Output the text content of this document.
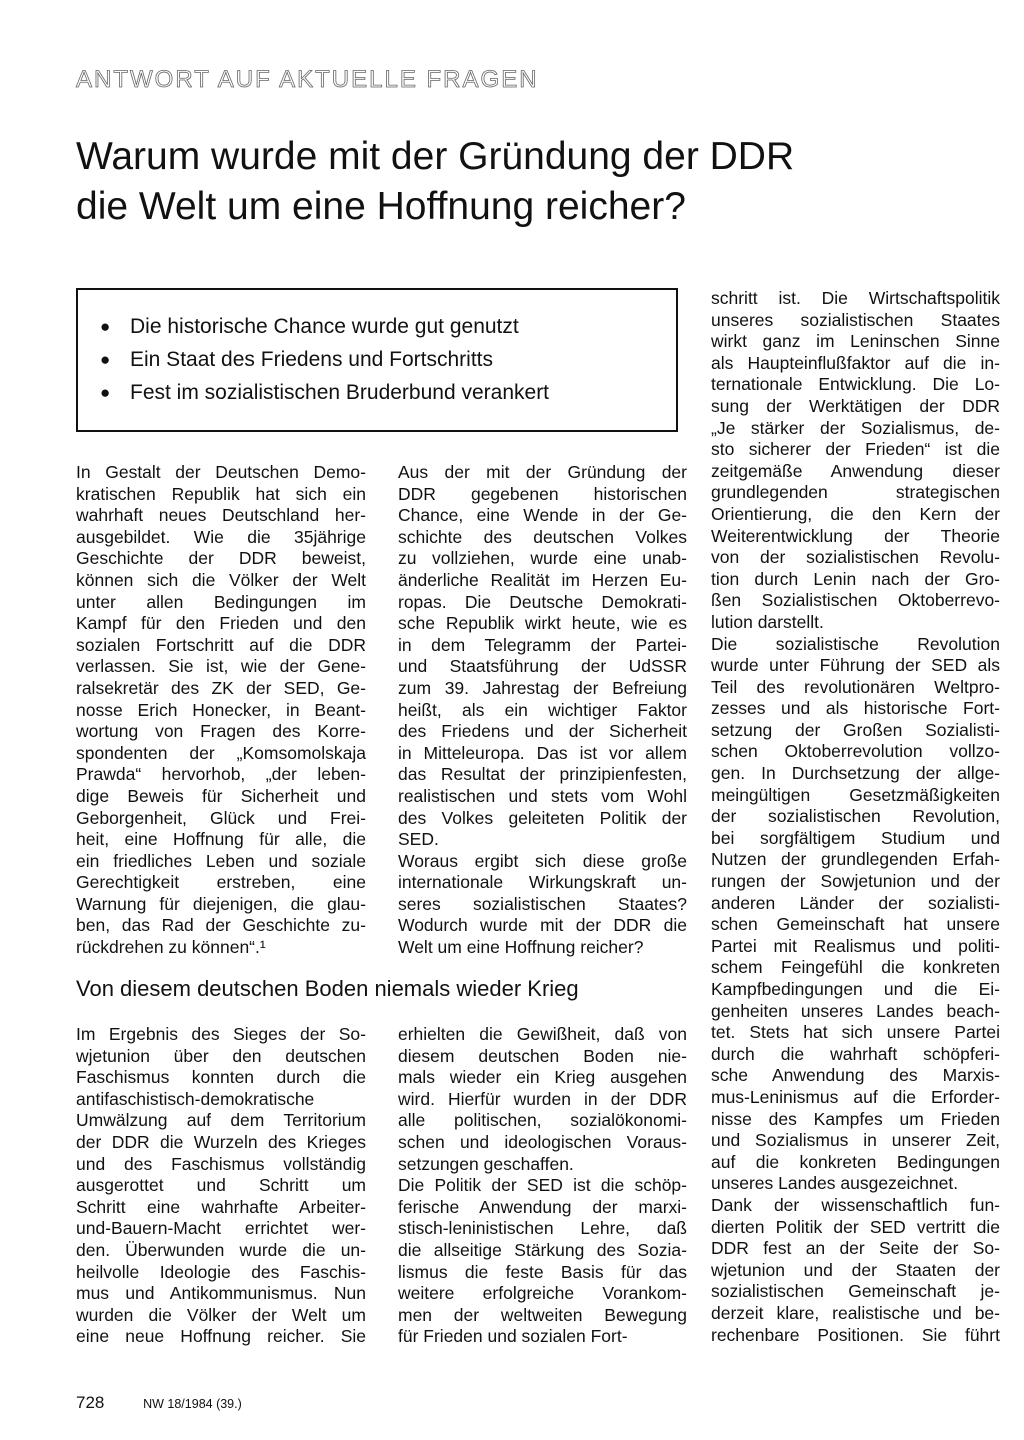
ANTWORT AUF AKTUELLE FRAGEN
Warum wurde mit der Gründung der DDR
die Welt um eine Hoffnung reicher?
● Die historische Chance wurde gut genutzt
● Ein Staat des Friedens und Fortschritts
● Fest im sozialistischen Bruderbund verankert

In Gestalt der Deutschen Demo-

kratischen Republik hat sich ein

wahrhaft neues Deutschland her-

ausgebildet. Wie die 35jährige

Geschichte der DDR beweist,

können sich die Völker der Welt

unter allen Bedingungen im

Kampf für den Frieden und den

sozialen Fortschritt auf die DDR

verlassen. Sie ist, wie der Gene-

ralsekretär des ZK der SED, Ge-

nosse Erich Honecker, in Beant-

wortung von Fragen des Korre-

spondenten der „Komsomolskaja

Prawda“ hervorhob, „der leben-

dige Beweis für Sicherheit und

Geborgenheit, Glück und Frei-

heit, eine Hoffnung für alle, die

ein friedliches Leben und soziale

Gerechtigkeit erstreben, eine

Warnung für diejenigen, die glau-

ben, das Rad der Geschichte zu-

rückdrehen zu können“.¹

Aus der mit der Gründung der

DDR gegebenen historischen

Chance, eine Wende in der Ge-

schichte des deutschen Volkes

zu vollziehen, wurde eine unab-

änderliche Realität im Herzen Eu-

ropas. Die Deutsche Demokrati-

sche Republik wirkt heute, wie es

in dem Telegramm der Partei-

und Staatsführung der UdSSR

zum 39. Jahrestag der Befreiung

heißt, als ein wichtiger Faktor

des Friedens und der Sicherheit

in Mitteleuropa. Das ist vor allem

das Resultat der prinzipienfesten,

realistischen und stets vom Wohl

des Volkes geleiteten Politik der

SED.

Woraus ergibt sich diese große

internationale Wirkungskraft un-

seres sozialistischen Staates?

Wodurch wurde mit der DDR die

Welt um eine Hoffnung reicher?

Von diesem deutschen Boden niemals wieder Krieg

Im Ergebnis des Sieges der So-

wjetunion über den deutschen

Faschismus konnten durch die

antifaschistisch-demokratische

Umwälzung auf dem Territorium

der DDR die Wurzeln des Krieges

und des Faschismus vollständig

ausgerottet und Schritt um

Schritt eine wahrhafte Arbeiter-

und-Bauern-Macht errichtet wer-

den. Überwunden wurde die un-

heilvolle Ideologie des Faschis-

mus und Antikommunismus. Nun

wurden die Völker der Welt um

eine neue Hoffnung reicher. Sie

erhielten die Gewißheit, daß von

diesem deutschen Boden nie-

mals wieder ein Krieg ausgehen

wird. Hierfür wurden in der DDR

alle politischen, sozialökonomi-

schen und ideologischen Voraus-

setzungen geschaffen.

Die Politik der SED ist die schöp-

ferische Anwendung der marxi-

stisch-leninistischen Lehre, daß

die allseitige Stärkung des Sozia-

lismus die feste Basis für das

weitere erfolgreiche Vorankom-

men der weltweiten Bewegung

für Frieden und sozialen Fort-

schritt ist. Die Wirtschaftspolitik

unseres sozialistischen Staates

wirkt ganz im Leninschen Sinne

als Haupteinflußfaktor auf die in-

ternationale Entwicklung. Die Lo-

sung der Werktätigen der DDR

„Je stärker der Sozialismus, de-

sto sicherer der Frieden“ ist die

zeitgemäße Anwendung dieser

grundlegenden strategischen

Orientierung, die den Kern der

Weiterentwicklung der Theorie

von der sozialistischen Revolu-

tion durch Lenin nach der Gro-

ßen Sozialistischen Oktoberrevo-

lution darstellt.

Die sozialistische Revolution

wurde unter Führung der SED als

Teil des revolutionären Weltpro-

zesses und als historische Fort-

setzung der Großen Sozialisti-

schen Oktoberrevolution vollzo-

gen. In Durchsetzung der allge-

meingültigen Gesetzmäßigkeiten

der sozialistischen Revolution,

bei sorgfältigem Studium und

Nutzen der grundlegenden Erfah-

rungen der Sowjetunion und der

anderen Länder der sozialisti-

schen Gemeinschaft hat unsere

Partei mit Realismus und politi-

schem Feingefühl die konkreten

Kampfbedingungen und die Ei-

genheiten unseres Landes beach-

tet. Stets hat sich unsere Partei

durch die wahrhaft schöpferi-

sche Anwendung des Marxis-

mus-Leninismus auf die Erforder-

nisse des Kampfes um Frieden

und Sozialismus in unserer Zeit,

auf die konkreten Bedingungen

unseres Landes ausgezeichnet.

Dank der wissenschaftlich fun-

dierten Politik der SED vertritt die

DDR fest an der Seite der So-

wjetunion und der Staaten der

sozialistischen Gemeinschaft je-

derzeit klare, realistische und be-

rechenbare Positionen. Sie führt

728	NW 18/1984 (39.)
